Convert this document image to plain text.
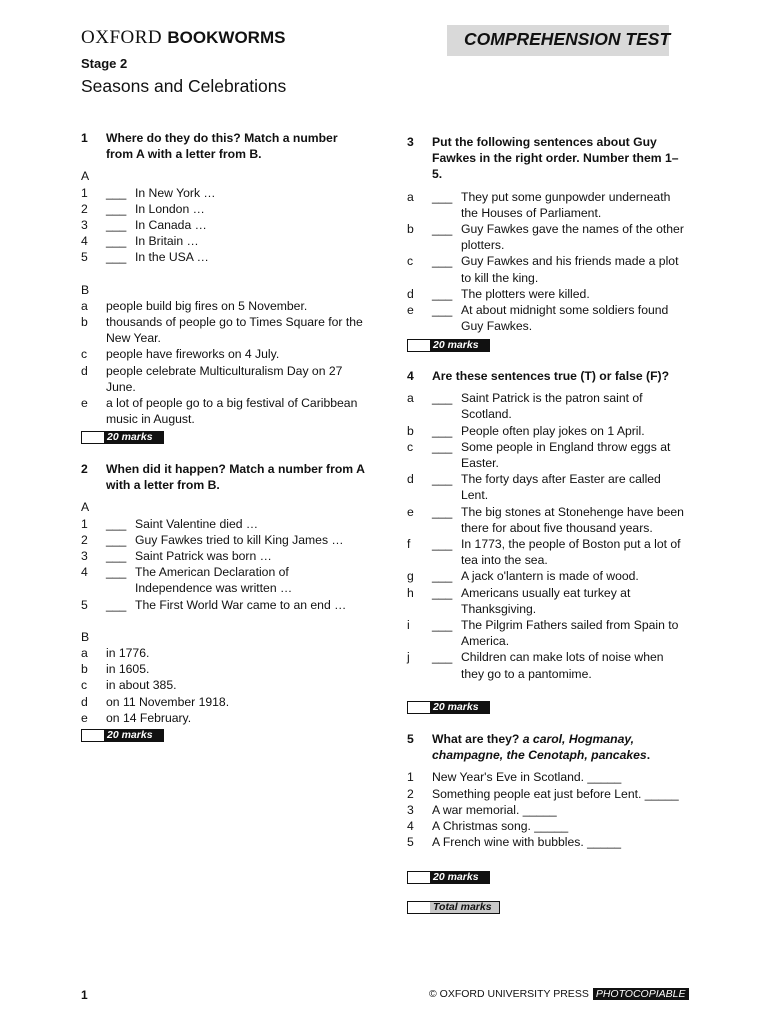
OXFORD BOOKWORMS	COMPREHENSION TEST
Stage 2
Seasons and Celebrations
1 Where do they do this? Match a number from A with a letter from B.
A
1 ___ In New York …
2 ___ In London …
3 ___ In Canada …
4 ___ In Britain …
5 ___ In the USA …
B
a people build big fires on 5 November.
b thousands of people go to Times Square for the New Year.
c people have fireworks on 4 July.
d people celebrate Multiculturalism Day on 27 June.
e a lot of people go to a big festival of Caribbean music in August.
20 marks
2 When did it happen? Match a number from A with a letter from B.
A
1 ___ Saint Valentine died …
2 ___ Guy Fawkes tried to kill King James …
3 ___ Saint Patrick was born …
4 ___ The American Declaration of Independence was written …
5 ___ The First World War came to an end …
B
a in 1776.
b in 1605.
c in about 385.
d on 11 November 1918.
e on 14 February.
20 marks
3 Put the following sentences about Guy Fawkes in the right order. Number them 1–5.
a ___ They put some gunpowder underneath the Houses of Parliament.
b ___ Guy Fawkes gave the names of the other plotters.
c ___ Guy Fawkes and his friends made a plot to kill the king.
d ___ The plotters were killed.
e ___ At about midnight some soldiers found Guy Fawkes.
20 marks
4 Are these sentences true (T) or false (F)?
a ___ Saint Patrick is the patron saint of Scotland.
b ___ People often play jokes on 1 April.
c ___ Some people in England throw eggs at Easter.
d ___ The forty days after Easter are called Lent.
e ___ The big stones at Stonehenge have been there for about five thousand years.
f ___ In 1773, the people of Boston put a lot of tea into the sea.
g ___ A jack o'lantern is made of wood.
h ___ Americans usually eat turkey at Thanksgiving.
i ___ The Pilgrim Fathers sailed from Spain to America.
j ___ Children can make lots of noise when they go to a pantomime.
20 marks
5 What are they? a carol, Hogmanay, champagne, the Cenotaph, pancakes.
1 New Year's Eve in Scotland. _____
2 Something people eat just before Lent. _____
3 A war memorial. _____
4 A Christmas song. _____
5 A French wine with bubbles. _____
20 marks
Total marks
1	© OXFORD UNIVERSITY PRESS PHOTOCOPIABLE
